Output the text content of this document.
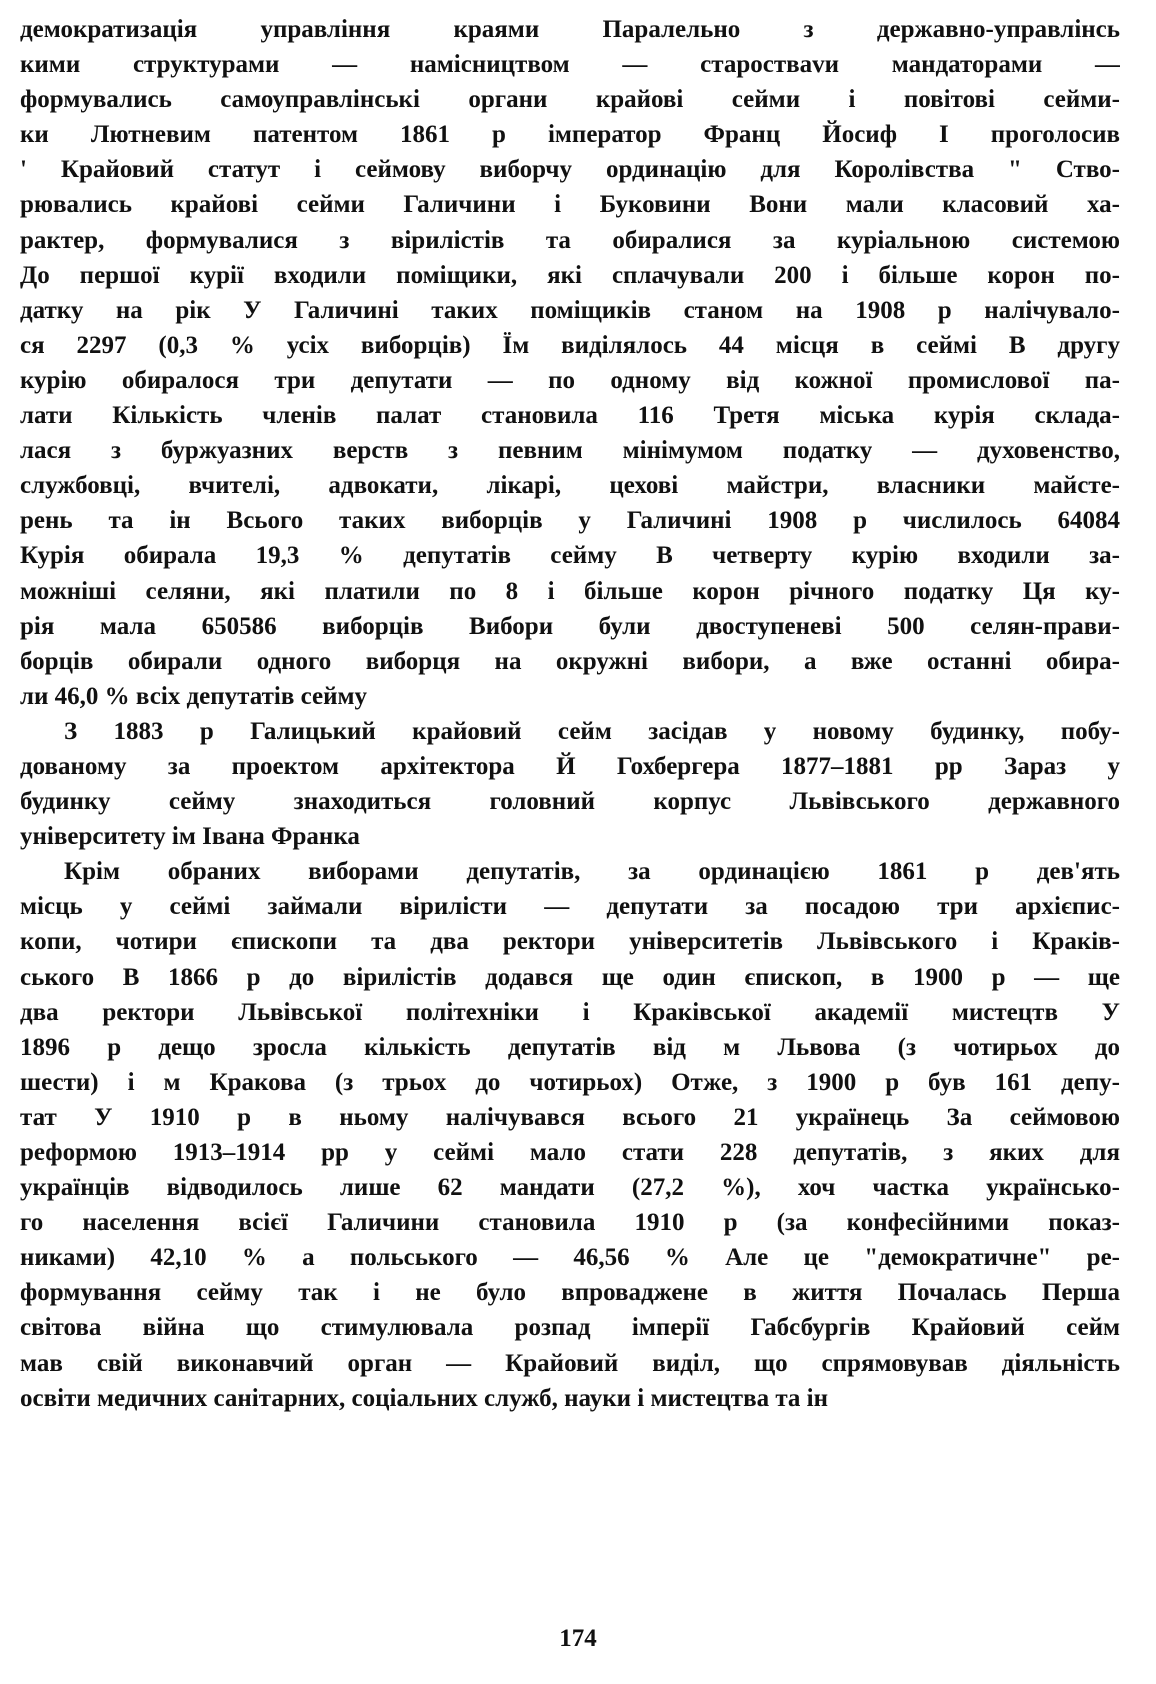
демократизація управління краями Паралельно з державно-управлінсь
кими структурами — намісництвом — старостваvи мандаторами —
формувались самоуправлінські органи крайові сейми і повітові сейми-
ки Лютневим патентом 1861 р імператор Франц Йосиф І проголосив
' Крайовий статут і сеймову виборчу ординацію для Королівства " Ство-
рювались крайові сейми Галичини і Буковини Вони мали класовий ха-
рактер, формувалися з вірилістів та обиралися за куріальною системою
До першої курії входили поміщики, які сплачували 200 і більше корон по-
датку на рік У Галичині таких поміщиків станом на 1908 р налічувало-
ся 2297 (0,3 % усіх виборців) Їм виділялось 44 місця в сеймі В другу
курію обиралося три депутати — по одному від кожної промислової па-
лати Кількість членів палат становила 116 Третя міська курія склада-
лася з буржуазних верств з певним мінімумом податку — духовенство,
службовці, вчителі, адвокати, лікарі, цехові майстри, власники майсте-
рень та ін Всього таких виборців у Галичині 1908 р числилось 64084
Курія обирала 19,3 % депутатів сейму В четверту курію входили за-
можніші селяни, які платили по 8 і більше корон річного податку Ця ку-
рія мала 650586 виборців Вибори були двоступеневі 500 селян-прави-
борців обирали одного виборця на окружні вибори, а вже останні обира-
ли 46,0 % всіх депутатів сейму
З 1883 р Галицький крайовий сейм засідав у новому будинку, побу-
дованому за проектом архітектора Й Гохбергера 1877–1881 рр Зараз у
будинку сейму знаходиться головний корпус Львівського державного
університету ім Івана Франка
Крім обраних виборами депутатів, за ординацією 1861 р дев'ять
місць у сеймі займали вірилісти — депутати за посадою три архієпис-
копи, чотири єпископи та два ректори університетів Львівського і Кракiв-
ського В 1866 р до вірилістів додався ще один єпископ, в 1900 р — ще
два ректори Львівської політехніки і Краківської академії мистецтв У
1896 р дещо зросла кількість депутатів від м Львова (з чотирьох до
шести) і м Кракова (з трьох до чотирьох) Отже, з 1900 р був 161 депу-
тат У 1910 р в ньому налічувався всього 21 українець За сеймовою
реформою 1913–1914 рр у сеймі мало стати 228 депутатів, з яких для
українців відводилось лише 62 мандати (27,2 %), хоч частка українсько-
го населення всієї Галичини становила 1910 р (за конфесійними показ-
никами) 42,10 % а польського — 46,56 % Але це "демократичне" ре-
формування сейму так і не було впроваджене в життя Почалась Перша
світова війна що стимулювала розпад імперії Габсбургів Крайовий сейм
мав свій виконавчий орган — Крайовий виділ, що спрямовував діяльність
освіти медичних санітарних, соціальних служб, науки і мистецтва та ін
174
